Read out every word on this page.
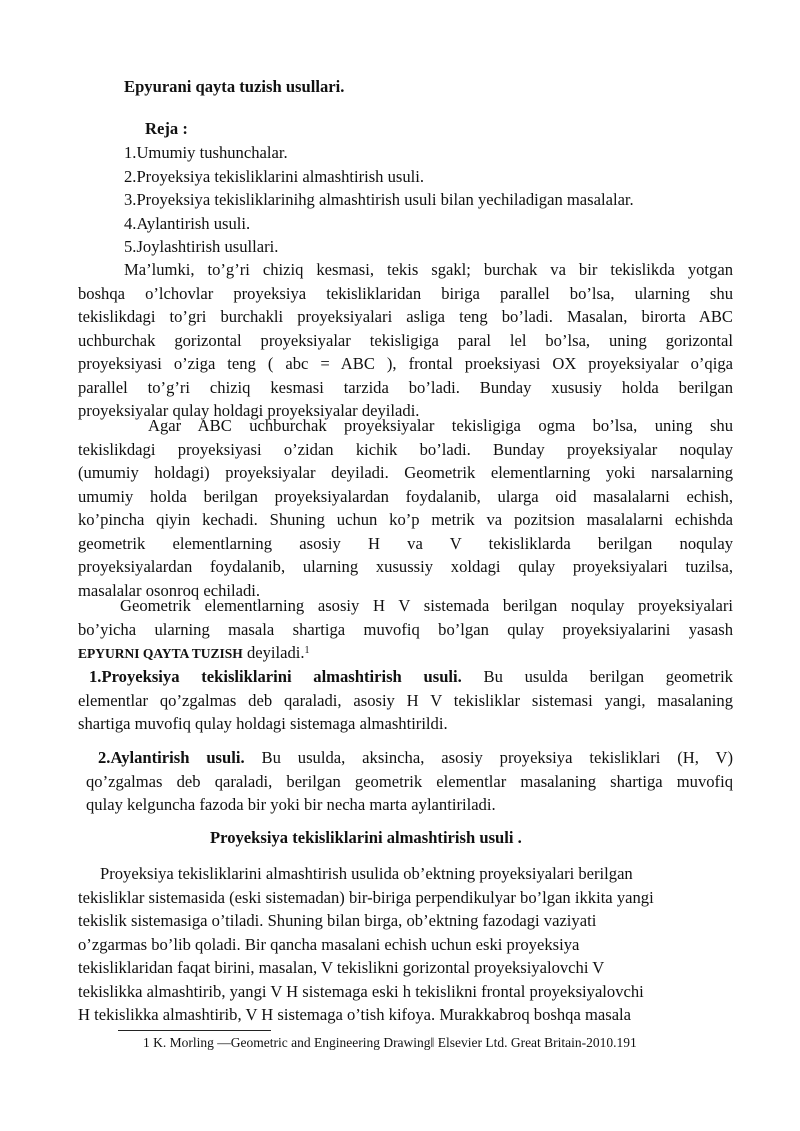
Epyurani qayta tuzish usullari.

Reja :

1.Umumiy tushunchalar.

2.Proyeksiya tekisliklarini almashtirish usuli.

3.Proyeksiya tekisliklarinihg almashtirish usuli bilan yechiladigan masalalar.

4.Aylantirish usuli.

5.Joylashtirish usullari.

Ma’lumki, to’g’ri chiziq kesmasi, tekis sgakl; burchak va bir tekislikda yotgan
boshqa o’lchovlar proyeksiya tekisliklaridan biriga parallel bo’lsa, ularning shu
tekislikdagi to’gri burchakli proyeksiyalari asliga teng bo’ladi. Masalan, birorta ABC
uchburchak gorizontal proyeksiyalar tekisligiga paral lel bo’lsa, uning gorizontal
proyeksiyasi o’ziga teng ( abc = ABC ), frontal proeksiyasi OX proyeksiyalar o’qiga
parallel to’g’ri chiziq kesmasi tarzida bo’ladi. Bunday xususiy holda berilgan
proyeksiyalar qulay holdagi proyeksiyalar deyiladi.
Agar ABC uchburchak proyeksiyalar tekisligiga ogma bo’lsa, uning shu
tekislikdagi proyeksiyasi o’zidan kichik bo’ladi. Bunday proyeksiyalar noqulay
(umumiy holdagi) proyeksiyalar deyiladi. Geometrik elementlarning yoki narsalarning
umumiy holda berilgan proyeksiyalardan foydalanib, ularga oid masalalarni echish,
ko’pincha qiyin kechadi. Shuning uchun ko’p metrik va pozitsion masalalarni echishda
geometrik elementlarning asosiy H va V tekisliklarda berilgan noqulay
proyeksiyalardan foydalanib, ularning xusussiy xoldagi qulay proyeksiyalari tuzilsa,
masalalar osonroq echiladi.
Geometrik elementlarning asosiy H V sistemada berilgan noqulay proyeksiyalari
bo’yicha ularning masala shartiga muvofiq bo’lgan qulay proyeksiyalarini yasash
EPYURNI QAYTA TUZISH deyiladi.$^1$
1.Proyeksiya tekisliklarini almashtirish usuli. Bu usulda berilgan geometrik
elementlar qo’zgalmas deb qaraladi, asosiy H V tekisliklar sistemasi yangi, masalaning
shartiga muvofiq qulay holdagi sistemaga almashtirildi.
2.Aylantirish usuli. Bu usulda, aksincha, asosiy proyeksiya tekisliklari (H, V)
qo’zgalmas deb qaraladi, berilgan geometrik elementlar masalaning shartiga muvofiq
qulay kelguncha fazoda bir yoki bir necha marta aylantiriladi.
Proyeksiya tekisliklarini almashtirish usuli .
Proyeksiya tekisliklarini almashtirish usulida ob’ektning proyeksiyalari berilgan
tekisliklar sistemasida (eski sistemadan) bir-biriga perpendikulyar bo’lgan ikkita yangi
tekislik sistemasiga o’tiladi. Shuning bilan birga, ob’ektning fazodagi vaziyati
o’zgarmas bo’lib qoladi. Bir qancha masalani echish uchun eski proyeksiya
tekisliklaridan faqat birini, masalan, V tekislikni gorizontal proyeksiyalovchi V
tekislikka almashtirib, yangi V H sistemaga eski h tekislikni frontal proyeksiyalovchi
H tekislikka almashtirib, V H sistemaga o’tish kifoya. Murakkabroq boshqa masala

1 K. Morling —Geometric and Engineering Drawing‖ Elsevier Ltd. Great Britain-2010.191
